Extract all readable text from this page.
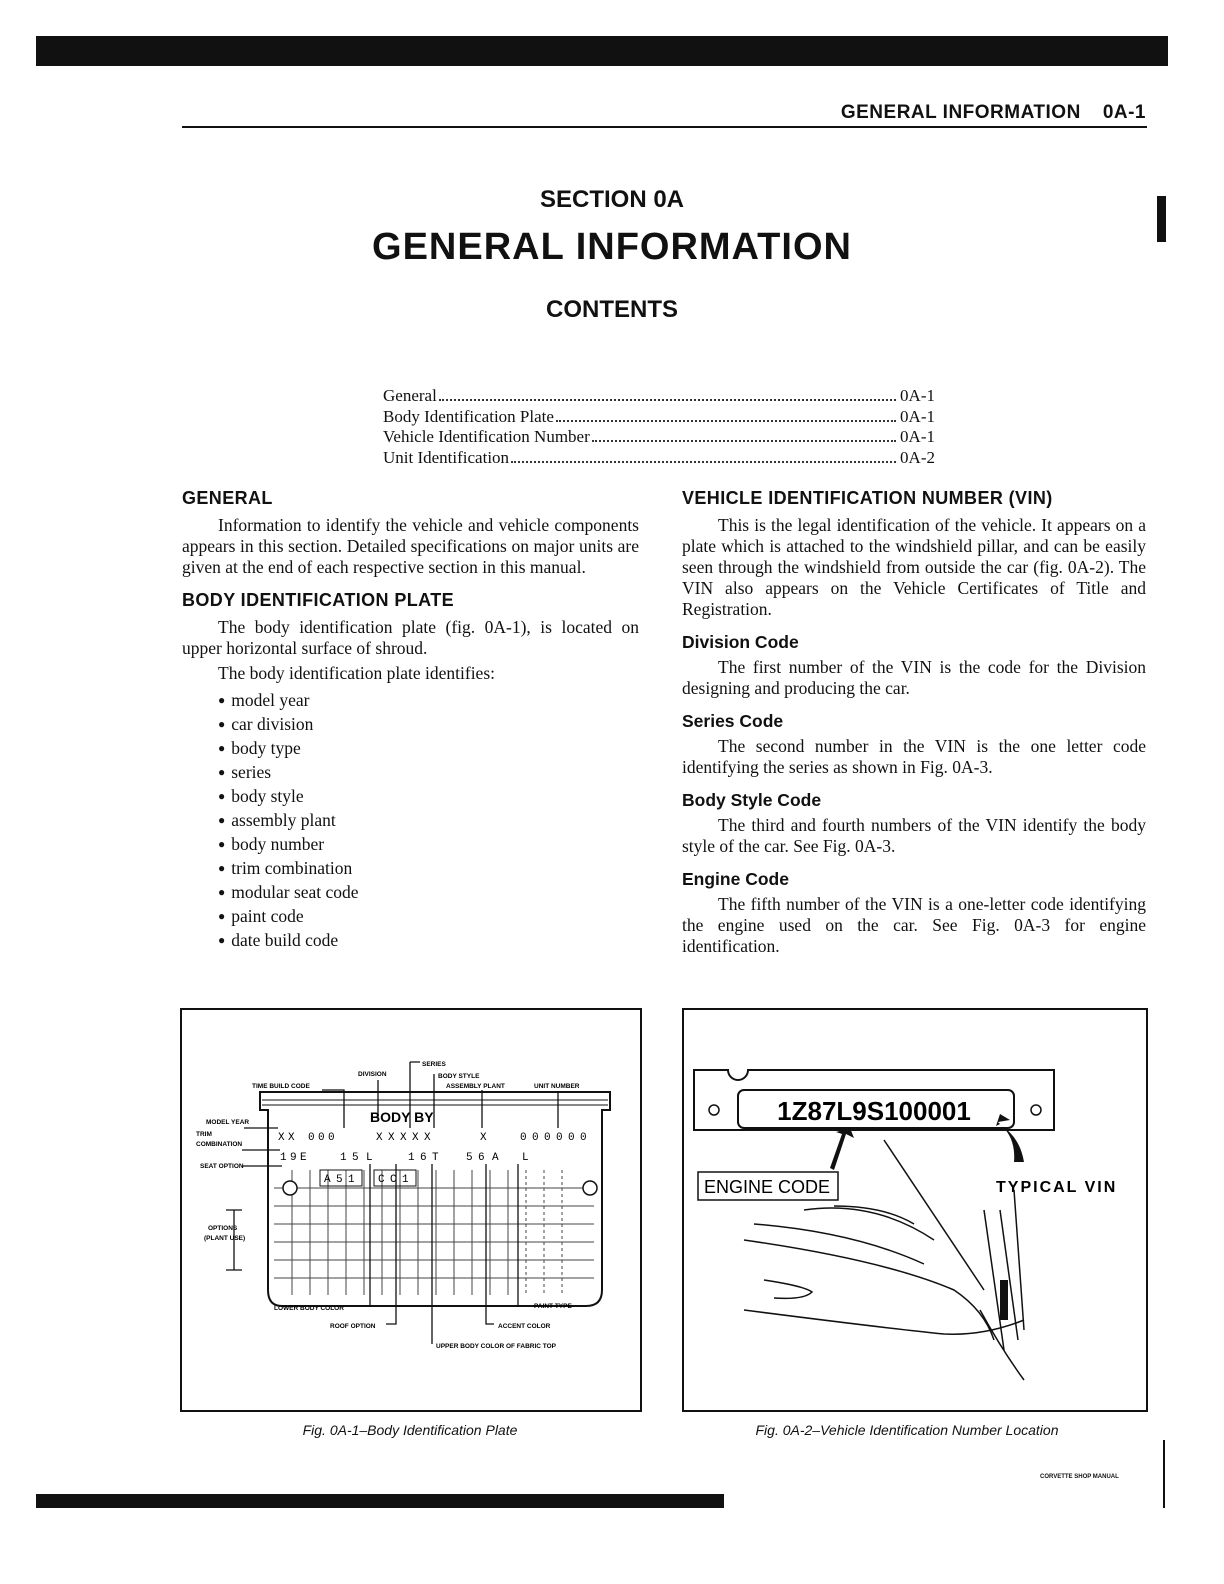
GENERAL INFORMATION 0A-1
SECTION 0A
GENERAL INFORMATION
CONTENTS
General	0A-1
Body Identification Plate	0A-1
Vehicle Identification Number	0A-1
Unit Identification	0A-2
GENERAL

Information to identify the vehicle and vehicle components appears in this section. Detailed specifications on major units are given at the end of each respective section in this manual.

BODY IDENTIFICATION PLATE

The body identification plate (fig. 0A-1), is located on upper horizontal surface of shroud.

The body identification plate identifies:

● model year
● car division
● body type
● series
● body style
● assembly plant
● body number
● trim combination
● modular seat code
● paint code
● date build code
VEHICLE IDENTIFICATION NUMBER (VIN)

This is the legal identification of the vehicle. It appears on a plate which is attached to the windshield pillar, and can be easily seen through the windshield from outside the car (fig. 0A-2). The VIN also appears on the Vehicle Certificates of Title and Registration.

Division Code

The first number of the VIN is the code for the Division designing and producing the car.

Series Code

The second number in the VIN is the one letter code identifying the series as shown in Fig. 0A-3.

Body Style Code

The third and fourth numbers of the VIN identify the body style of the car. See Fig. 0A-3.

Engine Code

The fifth number of the VIN is a one-letter code identifying the engine used on the car. See Fig. 0A-3 for engine identification.

BODY BY
X X 0 0 0	X X X X X	X	0 0 0 0 0 0
1 9 E	1 5 L	1 6 T 5 6 A L
A 5 1 C C 1
SERIES
DIVISION	BODY STYLE
TIME BUILD CODE	ASSEMBLY PLANT	UNIT NUMBER
MODEL YEAR
TRIM
COMBINATION
SEAT OPTION
OPTIONS
(PLANT USE)
LOWER BODY COLOR
ROOF OPTION
UPPER BODY COLOR OF FABRIC TOP
PAINT TYPE
ACCENT COLOR
Fig. 0A-1–Body Identification Plate
1Z87L9S100001
ENGINE CODE	TYPICAL VIN
Fig. 0A-2–Vehicle Identification Number Location
CORVETTE SHOP MANUAL
